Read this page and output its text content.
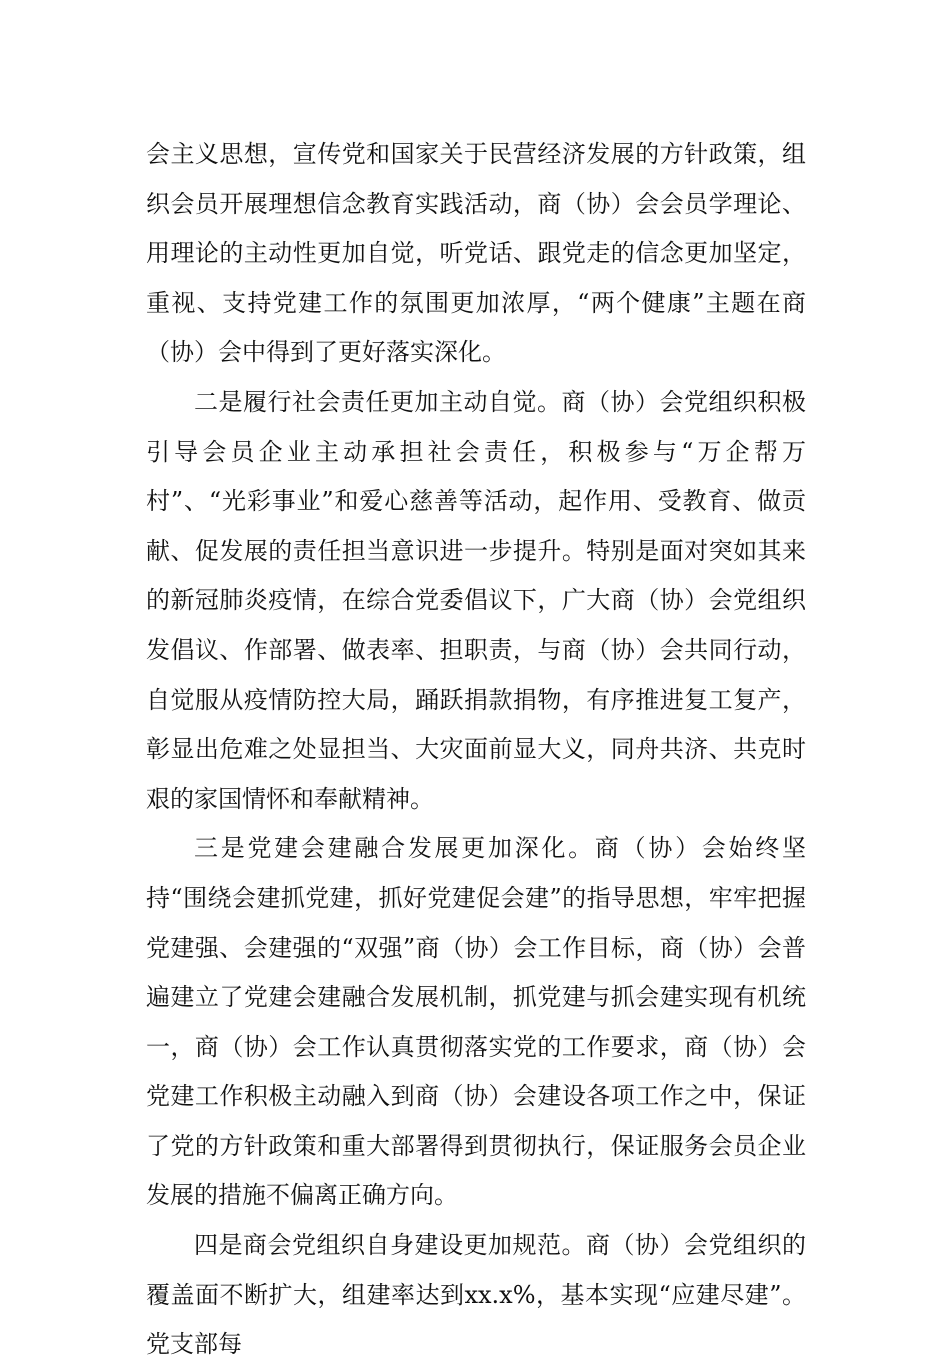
会主义思想，宣传党和国家关于民营经济发展的方针政策，组织会员开展理想信念教育实践活动，商（协）会会员学理论、用理论的主动性更加自觉，听党话、跟党走的信念更加坚定，重视、支持党建工作的氛围更加浓厚，“两个健康”主题在商（协）会中得到了更好落实深化。

二是履行社会责任更加主动自觉。商（协）会党组织积极引导会员企业主动承担社会责任，积极参与“万企帮万村”、“光彩事业”和爱心慈善等活动，起作用、受教育、做贡献、促发展的责任担当意识进一步提升。特别是面对突如其来的新冠肺炎疫情，在综合党委倡议下，广大商（协）会党组织发倡议、作部署、做表率、担职责，与商（协）会共同行动，自觉服从疫情防控大局，踊跃捐款捐物，有序推进复工复产，彰显出危难之处显担当、大灾面前显大义，同舟共济、共克时艰的家国情怀和奉献精神。

三是党建会建融合发展更加深化。商（协）会始终坚持“围绕会建抓党建，抓好党建促会建”的指导思想，牢牢把握党建强、会建强的“双强”商（协）会工作目标，商（协）会普遍建立了党建会建融合发展机制，抓党建与抓会建实现有机统一，商（协）会工作认真贯彻落实党的工作要求，商（协）会党建工作积极主动融入到商（协）会建设各项工作之中，保证了党的方针政策和重大部署得到贯彻执行，保证服务会员企业发展的措施不偏离正确方向。

四是商会党组织自身建设更加规范。商（协）会党组织的覆盖面不断扩大，组建率达到xx.x%，基本实现“应建尽建”。党支部每
